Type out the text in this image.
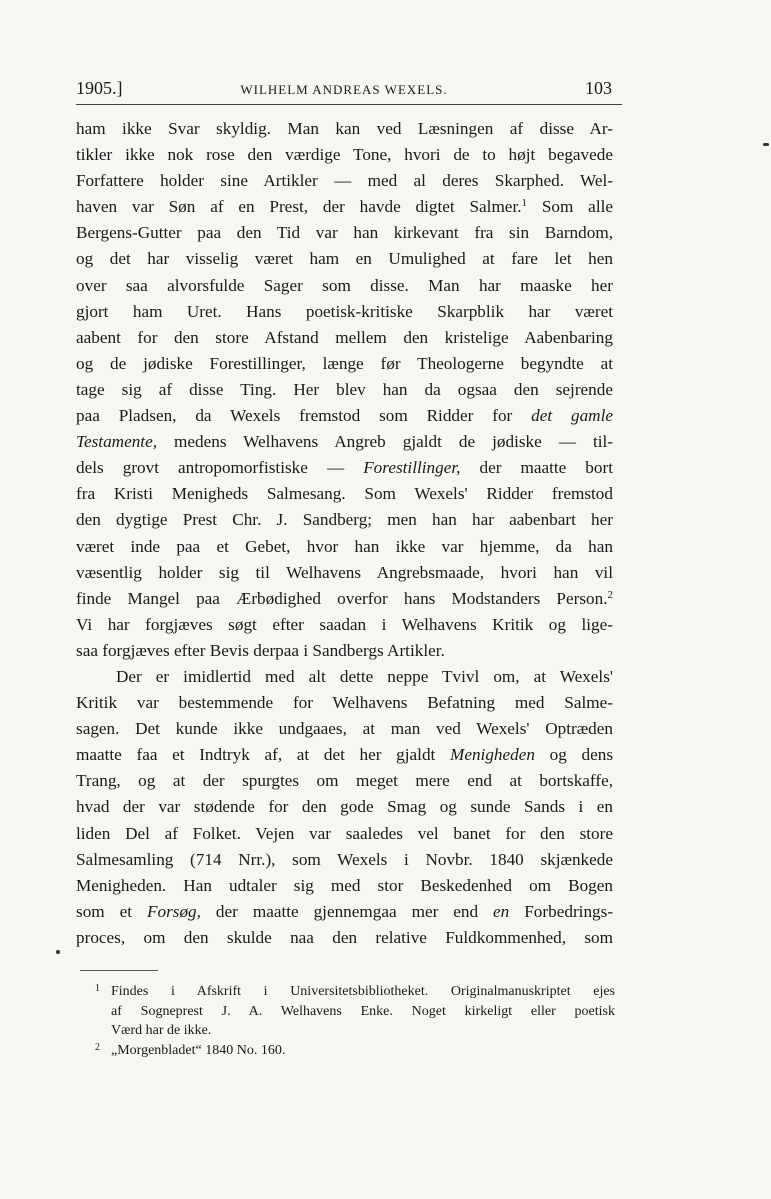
1905.]	WILHELM ANDREAS WEXELS.	103
ham ikke Svar skyldig. Man kan ved Læsningen af disse Ar-
tikler ikke nok rose den værdige Tone, hvori de to højt begavede
Forfattere holder sine Artikler — med al deres Skarphed. Wel-
haven var Søn af en Prest, der havde digtet Salmer.$^1$ Som alle
Bergens-Gutter paa den Tid var han kirkevant fra sin Barndom,
og det har visselig været ham en Umulighed at fare let hen
over saa alvorsfulde Sager som disse. Man har maaske her
gjort ham Uret. Hans poetisk-kritiske Skarpblik har været
aabent for den store Afstand mellem den kristelige Aabenbaring
og de jødiske Forestillinger, længe før Theologerne begyndte at
tage sig af disse Ting. Her blev han da ogsaa den sejrende
paa Pladsen, da Wexels fremstod som Ridder for det gamle
Testamente, medens Welhavens Angreb gjaldt de jødiske — til-
dels grovt antropomorfistiske — Forestillinger, der maatte bort
fra Kristi Menigheds Salmesang. Som Wexels' Ridder fremstod
den dygtige Prest Chr. J. Sandberg; men han har aabenbart her
været inde paa et Gebet, hvor han ikke var hjemme, da han
væsentlig holder sig til Welhavens Angrebsmaade, hvori han vil
finde Mangel paa Ærbødighed overfor hans Modstanders Person.$^2$
Vi har forgjæves søgt efter saadan i Welhavens Kritik og lige-
saa forgjæves efter Bevis derpaa i Sandbergs Artikler.
Der er imidlertid med alt dette neppe Tvivl om, at Wexels'
Kritik var bestemmende for Welhavens Befatning med Salme-
sagen. Det kunde ikke undgaaes, at man ved Wexels' Optræden
maatte faa et Indtryk af, at det her gjaldt Menigheden og dens
Trang, og at der spurgtes om meget mere end at bortskaffe,
hvad der var stødende for den gode Smag og sunde Sands i en
liden Del af Folket. Vejen var saaledes vel banet for den store
Salmesamling (714 Nrr.), som Wexels i Novbr. 1840 skjænkede
Menigheden. Han udtaler sig med stor Beskedenhed om Bogen
som et Forsøg, der maatte gjennemgaa mer end en Forbedrings-
proces, om den skulde naa den relative Fuldkommenhed, som
1 Findes i Afskrift i Universitetsbibliotheket. Originalmanuskriptet ejes
af Sogneprest J. A. Welhavens Enke. Noget kirkeligt eller poetisk
Værd har de ikke.
2 „Morgenbladet“ 1840 No. 160.
